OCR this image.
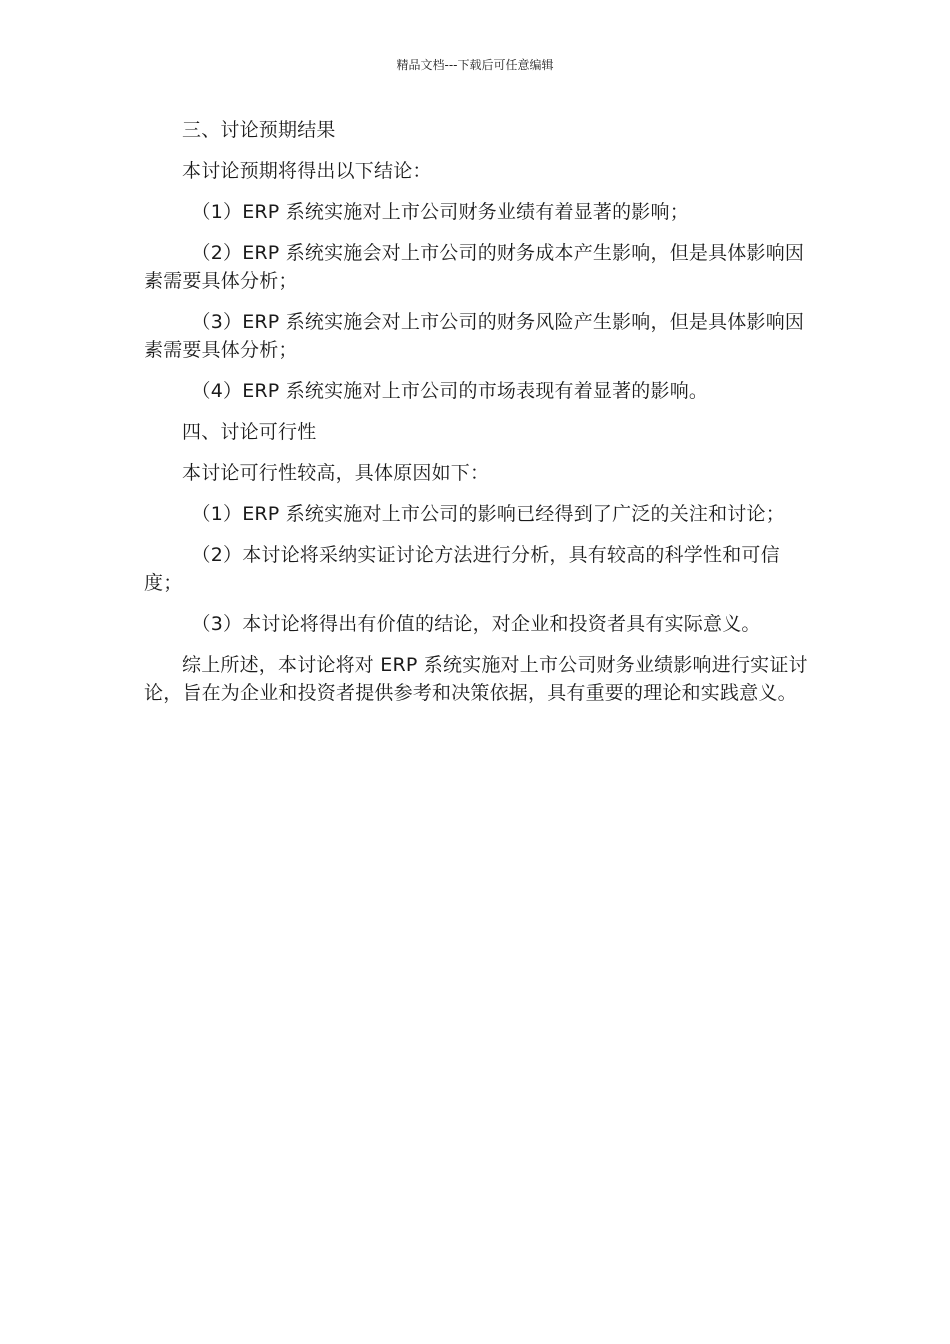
精品文档---下载后可任意编辑

三、讨论预期结果

本讨论预期将得出以下结论：

（1）ERP 系统实施对上市公司财务业绩有着显著的影响；

（2）ERP 系统实施会对上市公司的财务成本产生影响，但是具体影响因素需要具体分析；

（3）ERP 系统实施会对上市公司的财务风险产生影响，但是具体影响因素需要具体分析；

（4）ERP 系统实施对上市公司的市场表现有着显著的影响。

四、讨论可行性

本讨论可行性较高，具体原因如下：

（1）ERP 系统实施对上市公司的影响已经得到了广泛的关注和讨论；

（2）本讨论将采纳实证讨论方法进行分析，具有较高的科学性和可信度；

（3）本讨论将得出有价值的结论，对企业和投资者具有实际意义。

综上所述，本讨论将对 ERP 系统实施对上市公司财务业绩影响进行实证讨论，旨在为企业和投资者提供参考和决策依据，具有重要的理论和实践意义。
